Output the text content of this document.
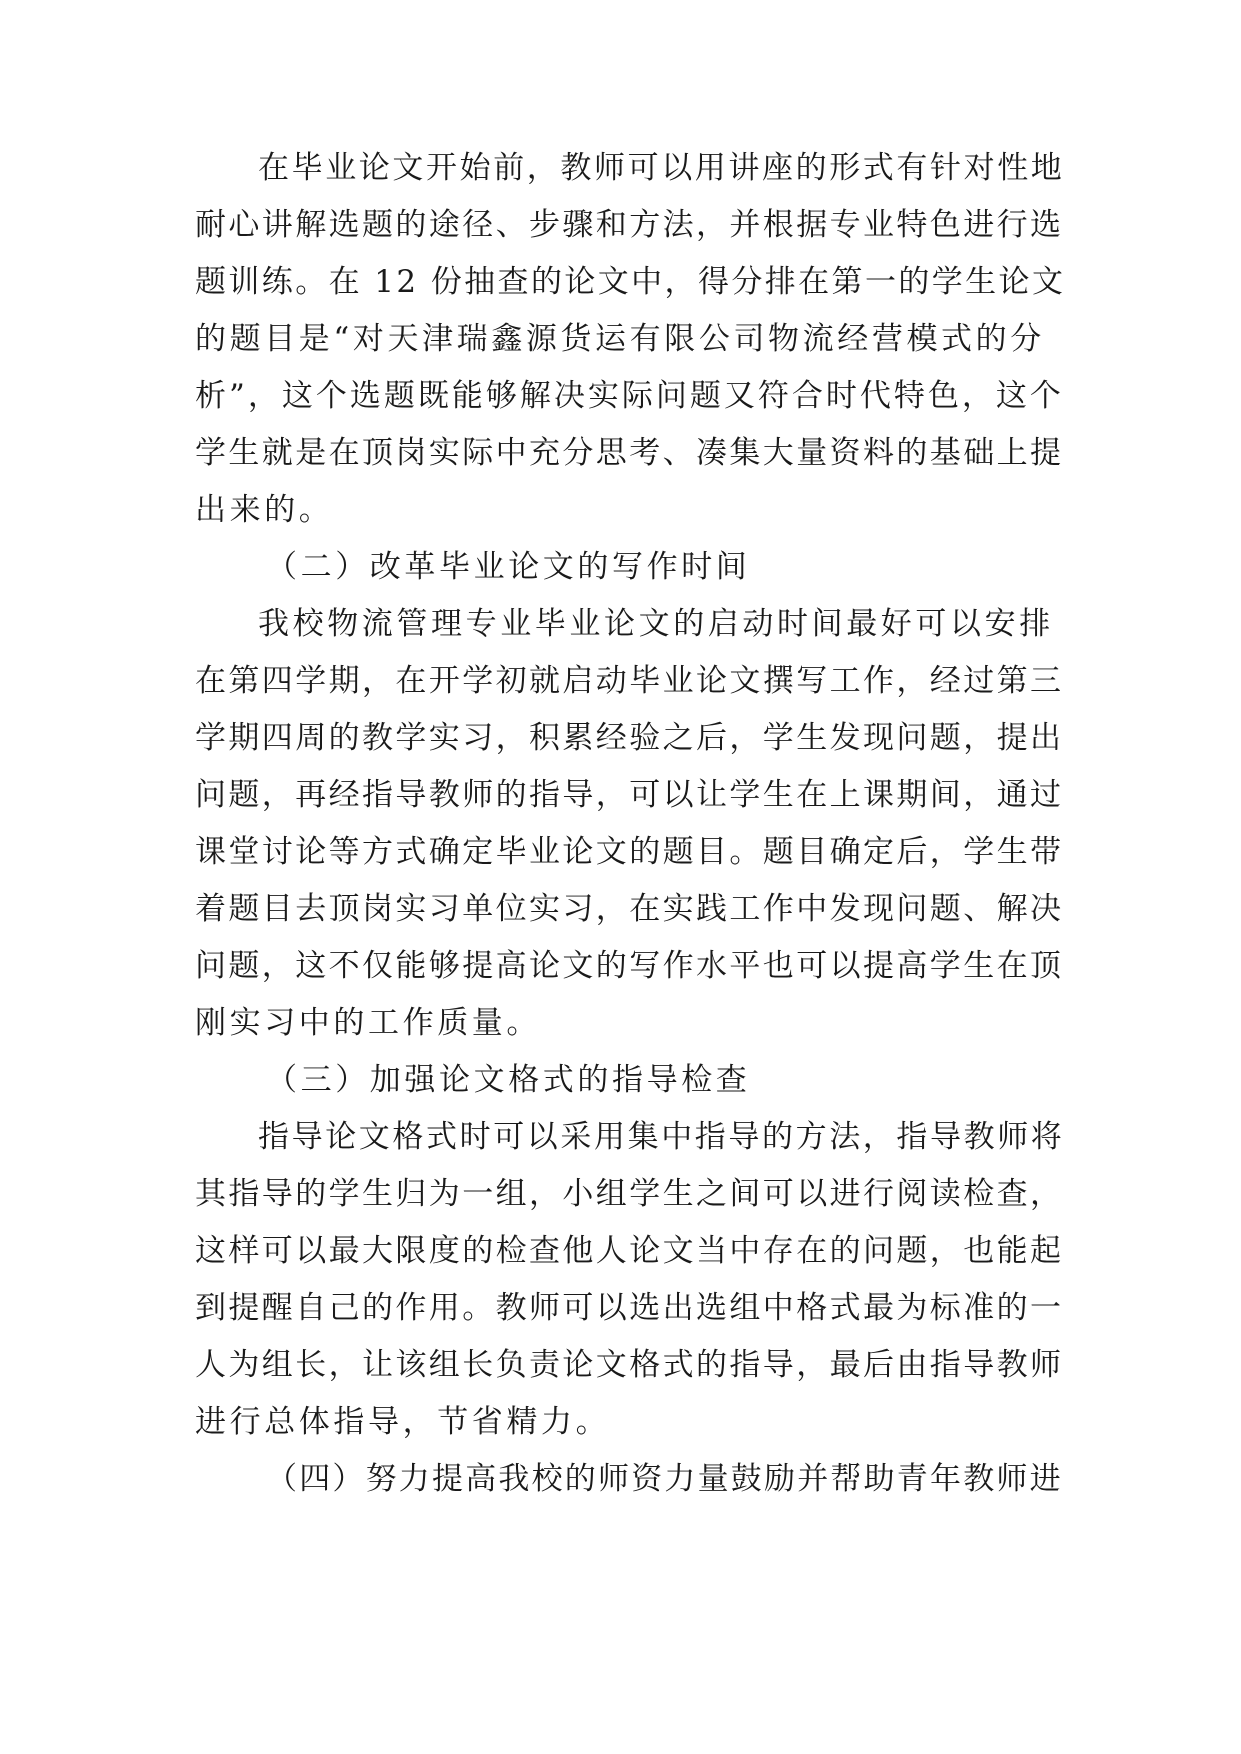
在毕业论文开始前，教师可以用讲座的形式有针对性地
耐心讲解选题的途径、步骤和方法，并根据专业特色进行选
题训练。在 12 份抽查的论文中，得分排在第一的学生论文
的题目是“对天津瑞鑫源货运有限公司物流经营模式的分
析”，这个选题既能够解决实际问题又符合时代特色，这个
学生就是在顶岗实际中充分思考、凑集大量资料的基础上提
出来的。
（二）改革毕业论文的写作时间
我校物流管理专业毕业论文的启动时间最好可以安排
在第四学期，在开学初就启动毕业论文撰写工作，经过第三
学期四周的教学实习，积累经验之后，学生发现问题，提出
问题，再经指导教师的指导，可以让学生在上课期间，通过
课堂讨论等方式确定毕业论文的题目。题目确定后，学生带
着题目去顶岗实习单位实习，在实践工作中发现问题、解决
问题，这不仅能够提高论文的写作水平也可以提高学生在顶
刚实习中的工作质量。
（三）加强论文格式的指导检查
指导论文格式时可以采用集中指导的方法，指导教师将
其指导的学生归为一组，小组学生之间可以进行阅读检查，
这样可以最大限度的检查他人论文当中存在的问题，也能起
到提醒自己的作用。教师可以选出选组中格式最为标准的一
人为组长，让该组长负责论文格式的指导，最后由指导教师
进行总体指导，节省精力。
（四）努力提高我校的师资力量鼓励并帮助青年教师进
